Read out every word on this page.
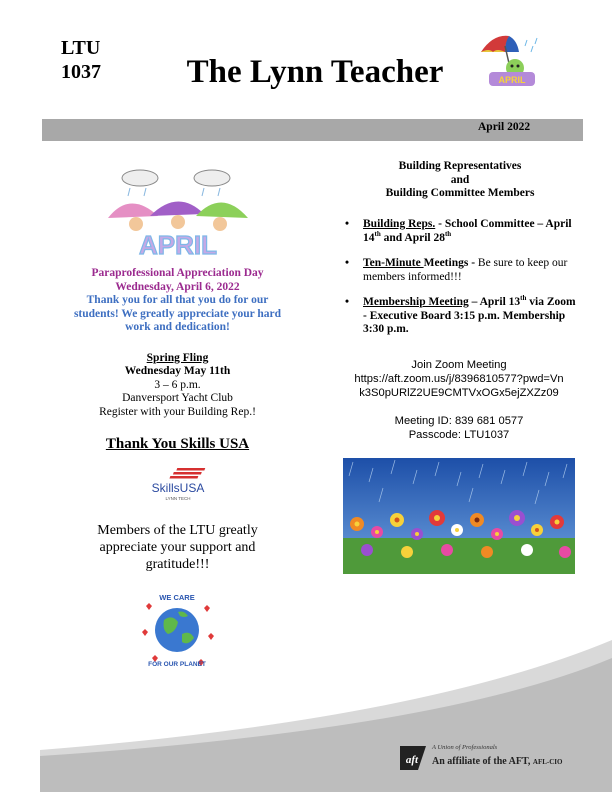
LTU
1037	The Lynn Teacher	APRIL
April 2022
APRIL
Paraprofessional Appreciation Day
Wednesday, April 6, 2022
Thank you for all that you do for our students! We greatly appreciate your hard work and dedication!
Spring Fling
Wednesday May 11th
3 – 6 p.m.
Danversport Yacht Club
Register with your Building Rep.!
Thank You Skills USA
SkillsUSA
LYNN TECH
Members of the LTU greatly appreciate your support and gratitude!!!
WE CARE
FOR OUR PLANET
Building Representatives
and
Building Committee Members
• Building Reps. - School Committee – April 14th and April 28th
• Ten-Minute Meetings - Be sure to keep our members informed!!!
• Membership Meeting – April 13th via Zoom - Executive Board 3:15 p.m. Membership 3:30 p.m.
Join Zoom Meeting
https://aft.zoom.us/j/83968105​77?pwd=Vn
k3S0pURlZ2UE9CMTVxOGx5ejZXZz09
Meeting ID: 839 681 0577
Passcode: LTU1037
aft
A Union of Professionals
An affiliate of the AFT, AFL-CIO
